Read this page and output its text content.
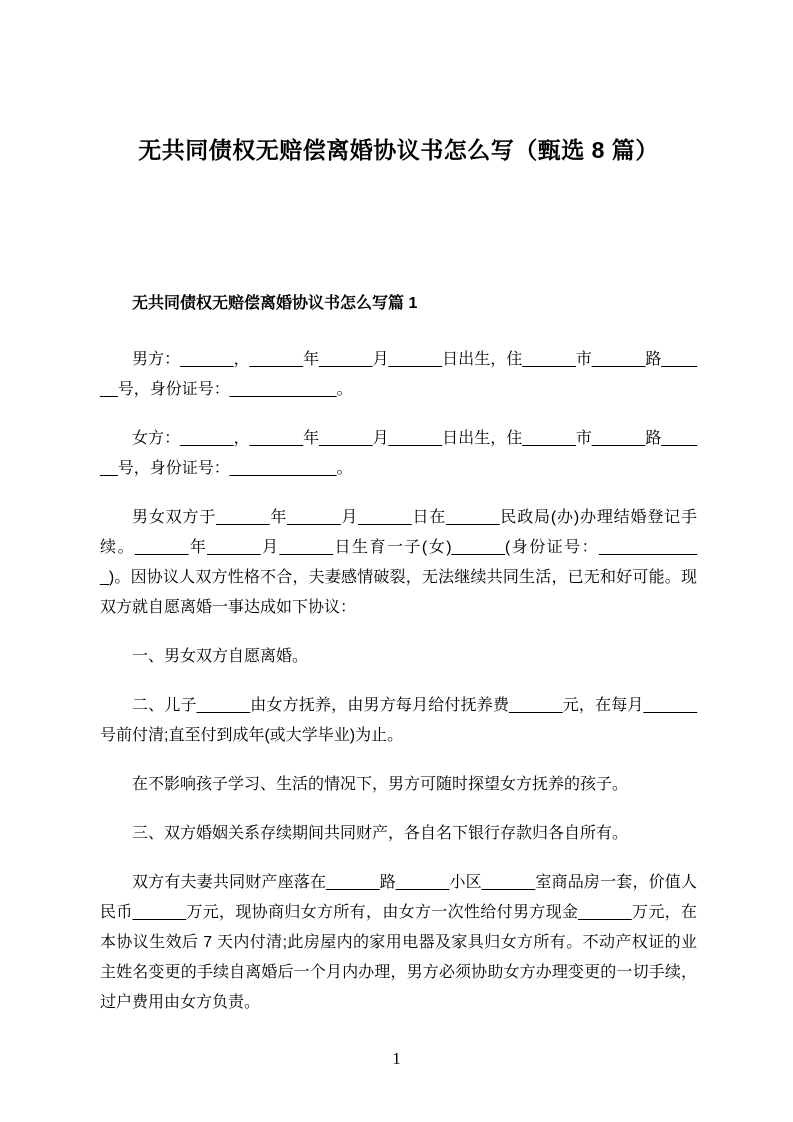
无共同债权无赔偿离婚协议书怎么写（甄选 8 篇）
无共同债权无赔偿离婚协议书怎么写篇 1

男方：______，______年______月______日出生，住______市______路______号，身份证号：____________。

女方：______，______年______月______日出生，住______市______路______号，身份证号：____________。

男女双方于______年______月______日在______民政局(办)办理结婚登记手续。______年______月______日生育一子(女)______(身份证号：____________)。因协议人双方性格不合，夫妻感情破裂，无法继续共同生活，已无和好可能。现双方就自愿离婚一事达成如下协议：

一、男女双方自愿离婚。

二、儿子______由女方抚养，由男方每月给付抚养费______元，在每月______号前付清;直至付到成年(或大学毕业)为止。

在不影响孩子学习、生活的情况下，男方可随时探望女方抚养的孩子。

三、双方婚姻关系存续期间共同财产，各自名下银行存款归各自所有。

双方有夫妻共同财产座落在______路______小区______室商品房一套，价值人民币______万元，现协商归女方所有，由女方一次性给付男方现金______万元，在本协议生效后 7 天内付清;此房屋内的家用电器及家具归女方所有。不动产权证的业主姓名变更的手续自离婚后一个月内办理，男方必须协助女方办理变更的一切手续，过户费用由女方负责。

1
